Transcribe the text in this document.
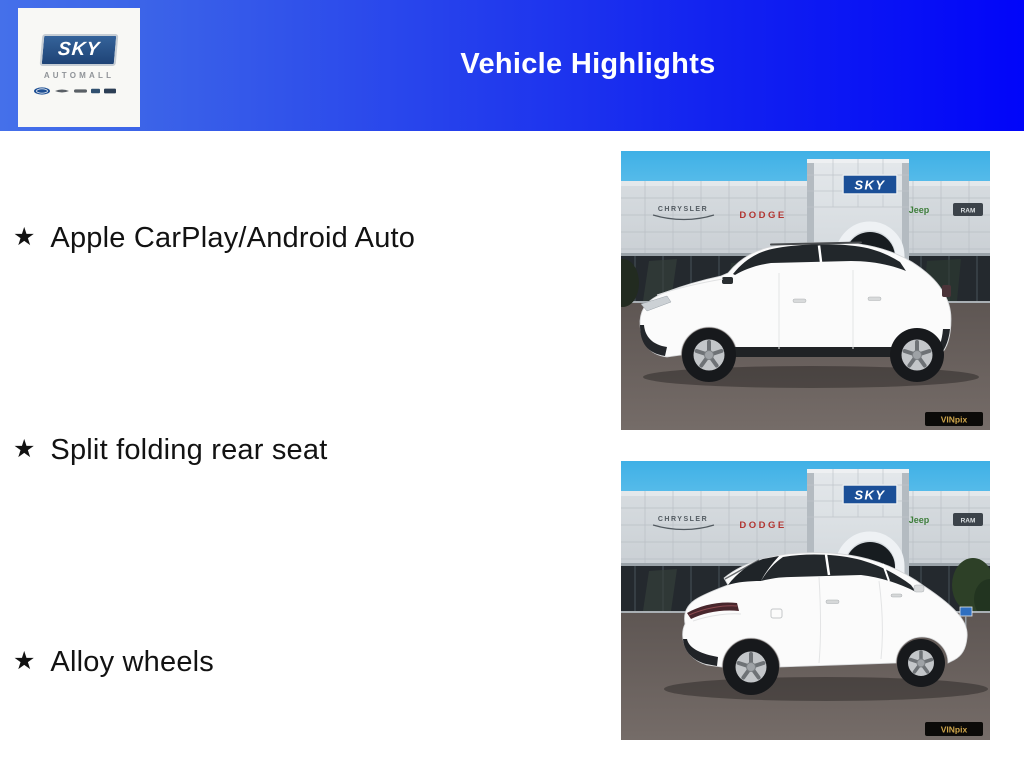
Vehicle Highlights
SKY
AUTOMALL
★ Apple CarPlay/Android Auto
★ Split folding rear seat
★ Alloy wheels
SKY
CHRYSLER
DODGE	Jeep	RAM
VINpix
SKY
CHRYSLER
DODGE	Jeep	RAM
VINpix
